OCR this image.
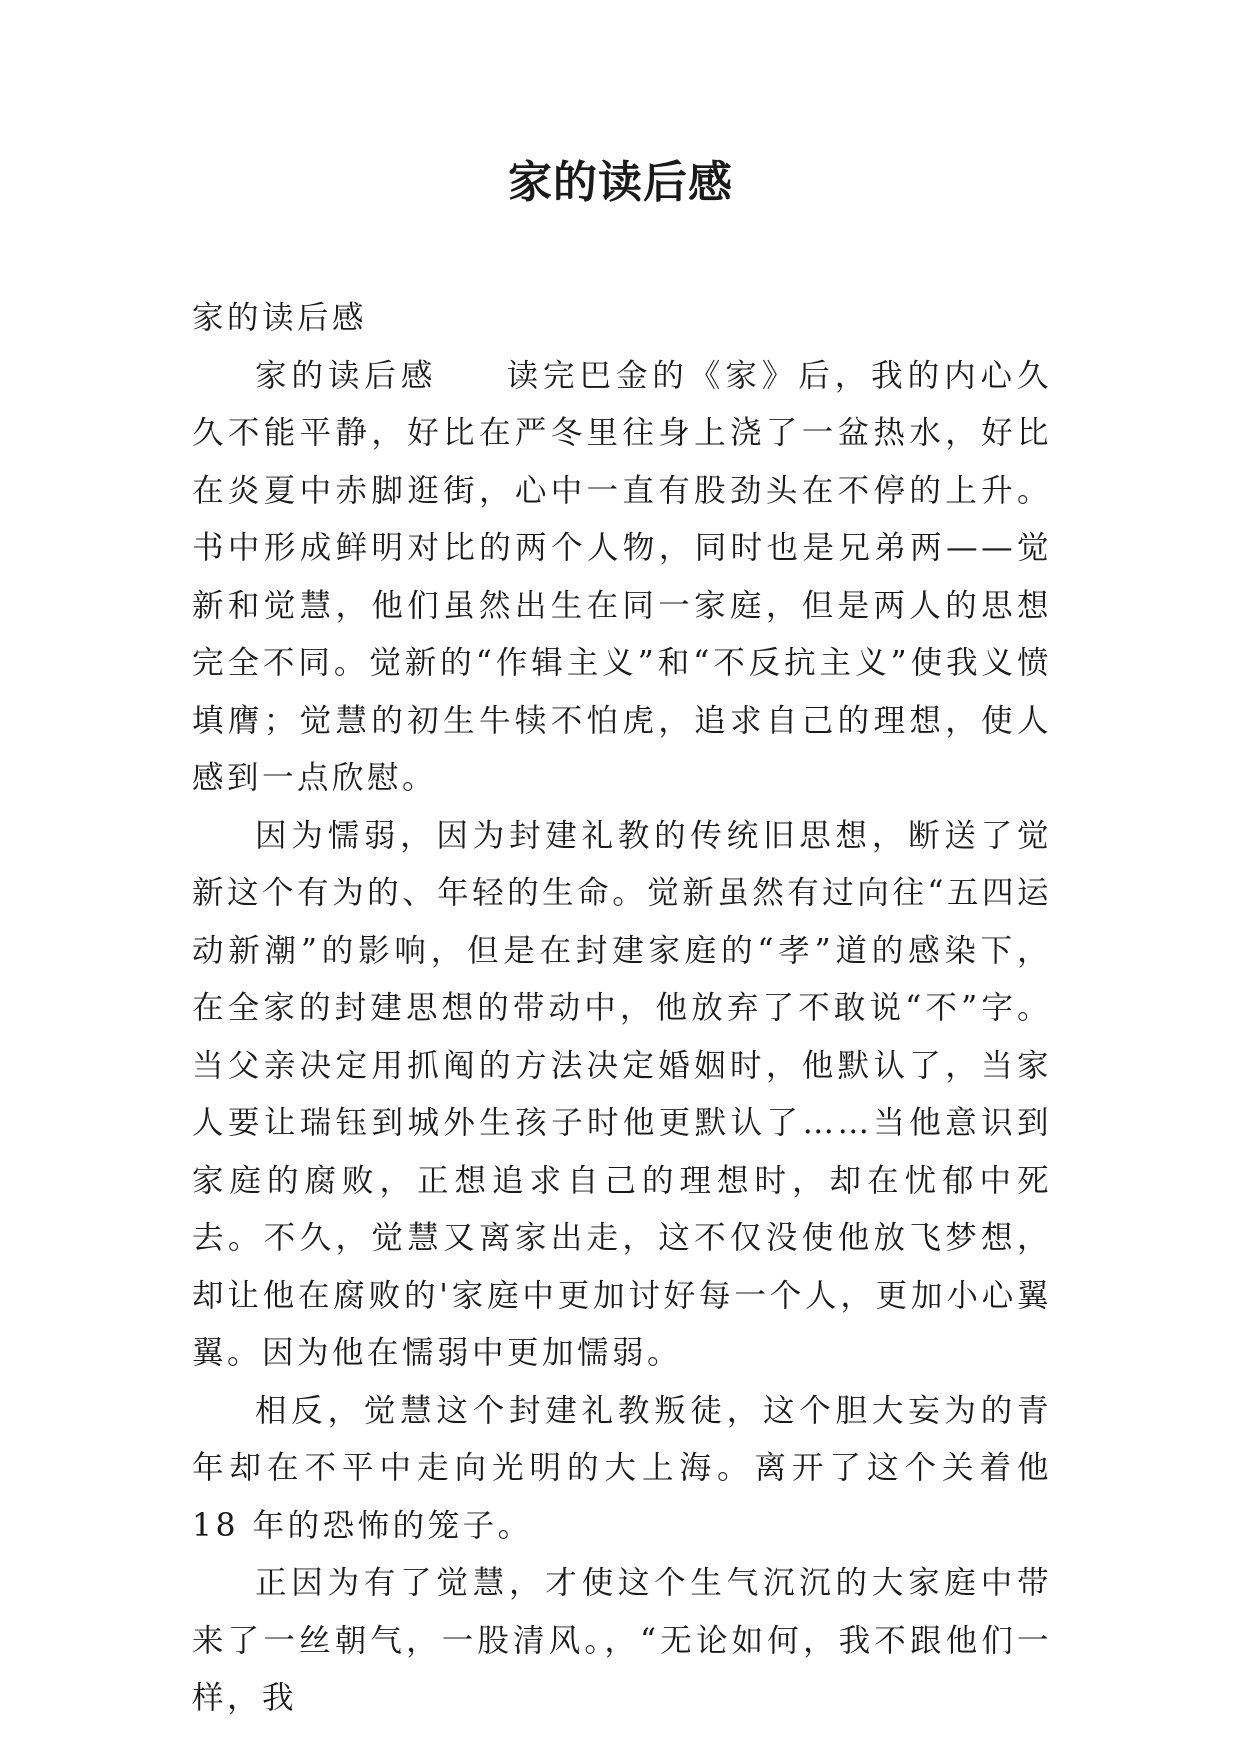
家的读后感

家的读后感

家的读后感 读完巴金的《家》后，我的内心久久不能平静，好比在严冬里往身上浇了一盆热水，好比在炎夏中赤脚逛街，心中一直有股劲头在不停的上升。书中形成鲜明对比的两个人物，同时也是兄弟两——觉新和觉慧，他们虽然出生在同一家庭，但是两人的思想完全不同。觉新的“作辑主义”和“不反抗主义”使我义愤填膺；觉慧的初生牛犊不怕虎，追求自己的理想，使人感到一点欣慰。

因为懦弱，因为封建礼教的传统旧思想，断送了觉新这个有为的、年轻的生命。觉新虽然有过向往“五四运动新潮”的影响，但是在封建家庭的“孝”道的感染下，在全家的封建思想的带动中，他放弃了不敢说“不”字。当父亲决定用抓阄的方法决定婚姻时，他默认了，当家人要让瑞钰到城外生孩子时他更默认了……当他意识到家庭的腐败，正想追求自己的理想时，却在忧郁中死去。不久，觉慧又离家出走，这不仅没使他放飞梦想，却让他在腐败的'家庭中更加讨好每一个人，更加小心翼翼。因为他在懦弱中更加懦弱。

相反，觉慧这个封建礼教叛徒，这个胆大妄为的青年却在不平中走向光明的大上海。离开了这个关着他 18 年的恐怖的笼子。

正因为有了觉慧，才使这个生气沉沉的大家庭中带来了一丝朝气，一股清风。，“无论如何，我不跟他们一样，我
